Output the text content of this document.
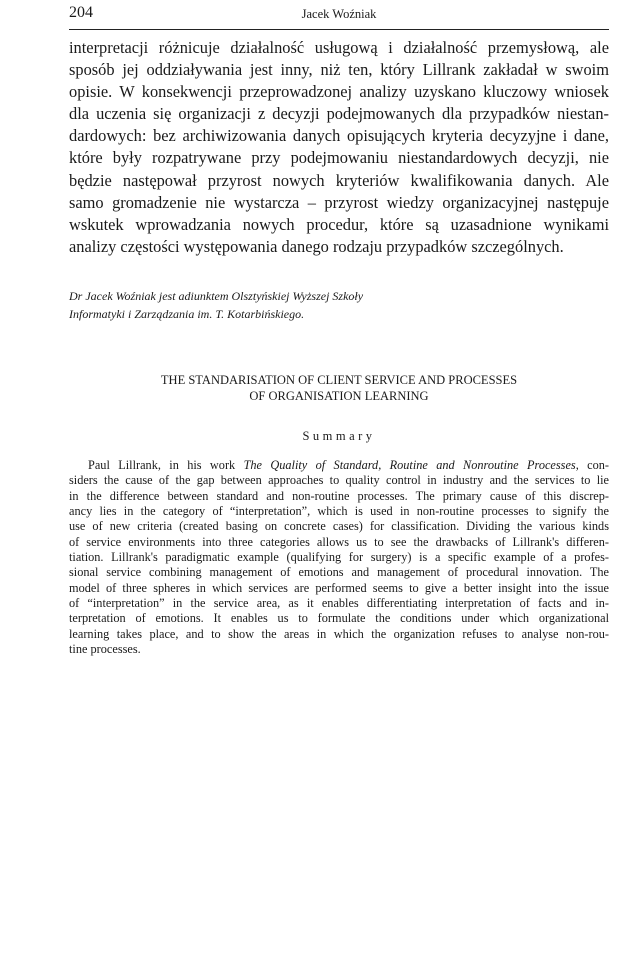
204	Jacek Woźniak
interpretacji różnicuje działalność usługową i działalność przemysłową, ale
sposób jej oddziaływania jest inny, niż ten, który Lillrank zakładał w swoim
opisie. W konsekwencji przeprowadzonej analizy uzyskano kluczowy wniosek
dla uczenia się organizacji z decyzji podejmowanych dla przypadków niestan-
dardowych: bez archiwizowania danych opisujących kryteria decyzyjne i dane,
które były rozpatrywane przy podejmowaniu niestandardowych decyzji, nie
będzie następował przyrost nowych kryteriów kwalifikowania danych. Ale
samo gromadzenie nie wystarcza – przyrost wiedzy organizacyjnej następuje
wskutek wprowadzania nowych procedur, które są uzasadnione wynikami
analizy częstości występowania danego rodzaju przypadków szczególnych.
Dr Jacek Woźniak jest adiunktem Olsztyńskiej Wyższej Szkoły
Informatyki i Zarządzania im. T. Kotarbińskiego.
THE STANDARISATION OF CLIENT SERVICE AND PROCESSES
OF ORGANISATION LEARNING
Summary
Paul Lillrank, in his work The Quality of Standard, Routine and Nonroutine Processes, con-
siders the cause of the gap between approaches to quality control in industry and the services to lie
in the difference between standard and non-routine processes. The primary cause of this discrep-
ancy lies in the category of “interpretation”, which is used in non-routine processes to signify the
use of new criteria (created basing on concrete cases) for classification. Dividing the various kinds
of service environments into three categories allows us to see the drawbacks of Lillrank's differen-
tiation. Lillrank's paradigmatic example (qualifying for surgery) is a specific example of a profes-
sional service combining management of emotions and management of procedural innovation. The
model of three spheres in which services are performed seems to give a better insight into the issue
of “interpretation” in the service area, as it enables differentiating interpretation of facts and in-
terpretation of emotions. It enables us to formulate the conditions under which organizational
learning takes place, and to show the areas in which the organization refuses to analyse non-rou-
tine processes.
